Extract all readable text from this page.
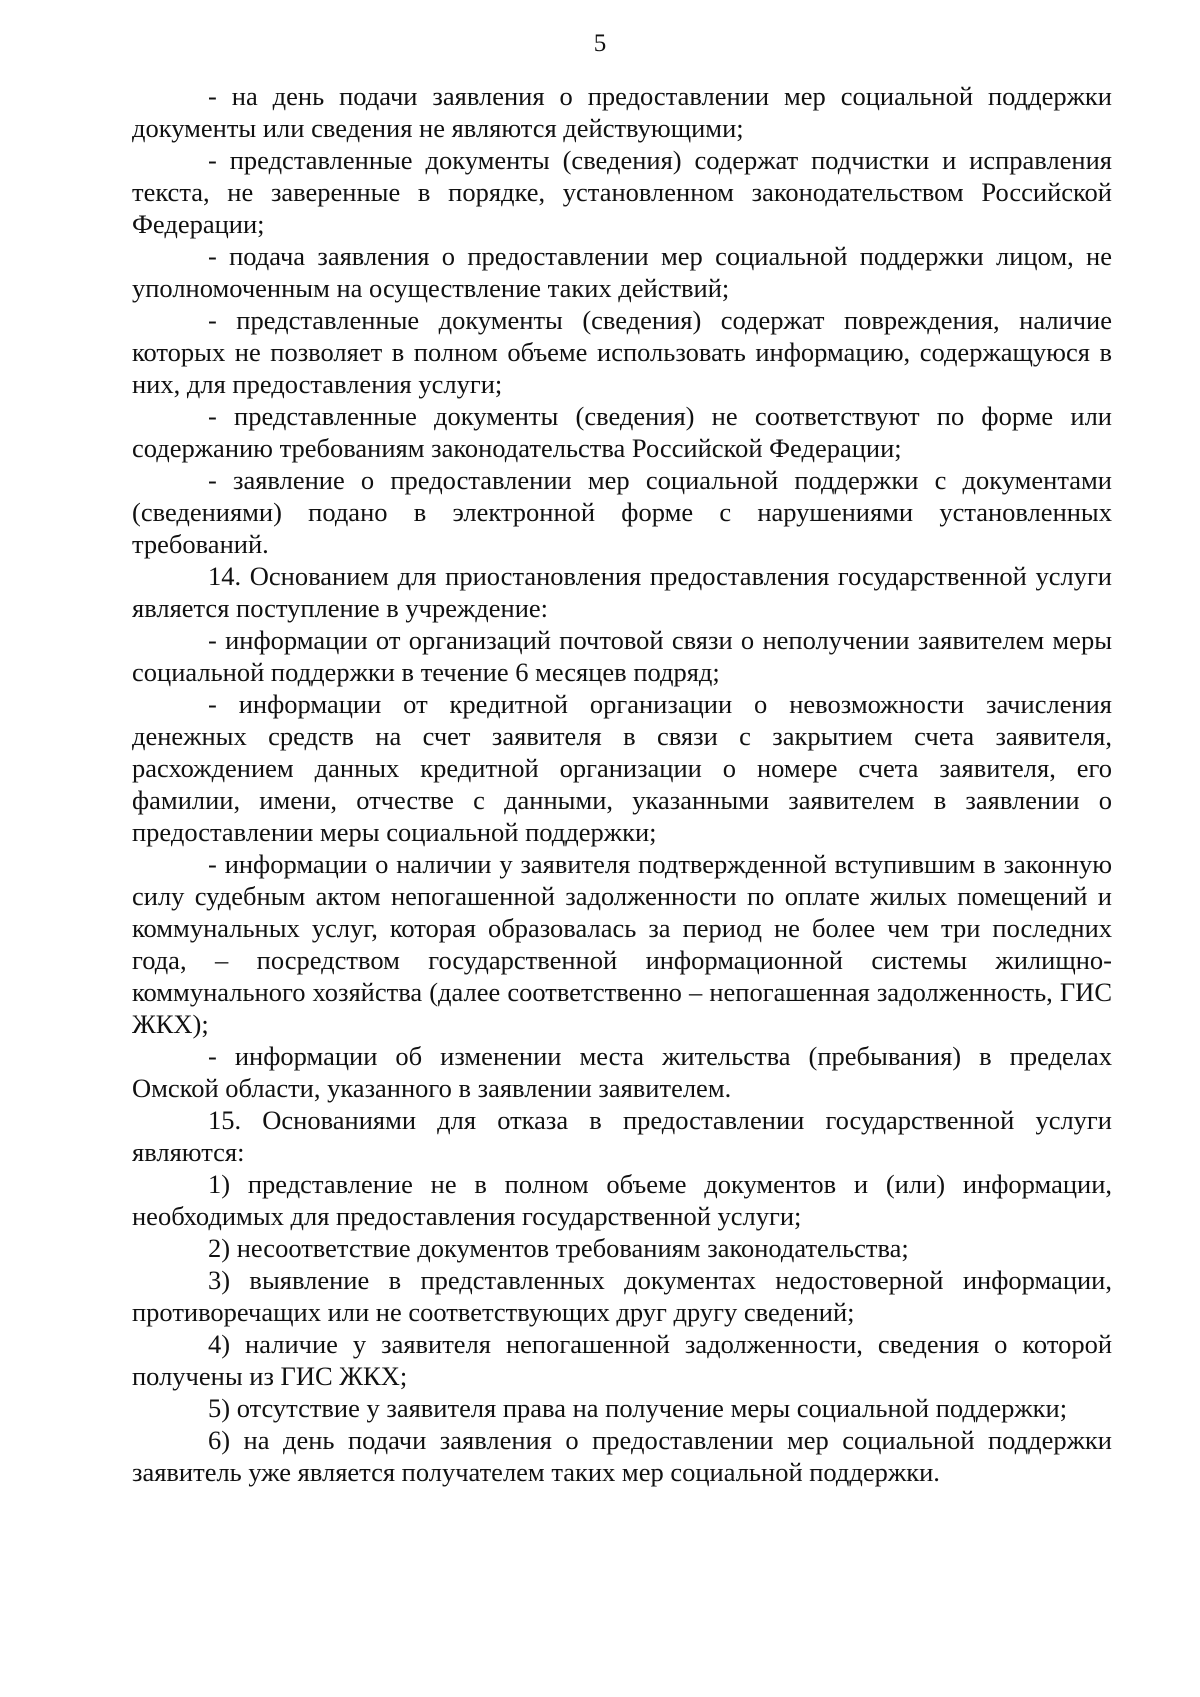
5

- на день подачи заявления о предоставлении мер социальной поддержки документы или сведения не являются действующими;

- представленные документы (сведения) содержат подчистки и исправления текста, не заверенные в порядке, установленном законодательством Российской Федерации;

- подача заявления о предоставлении мер социальной поддержки лицом, не уполномоченным на осуществление таких действий;

- представленные документы (сведения) содержат повреждения, наличие которых не позволяет в полном объеме использовать информацию, содержащуюся в них, для предоставления услуги;

- представленные документы (сведения) не соответствуют по форме или содержанию требованиям законодательства Российской Федерации;

- заявление о предоставлении мер социальной поддержки с документами (сведениями) подано в электронной форме с нарушениями установленных требований.

14. Основанием для приостановления предоставления государственной услуги является поступление в учреждение:

- информации от организаций почтовой связи о неполучении заявителем меры социальной поддержки в течение 6 месяцев подряд;

- информации от кредитной организации о невозможности зачисления денежных средств на счет заявителя в связи с закрытием счета заявителя, расхождением данных кредитной организации о номере счета заявителя, его фамилии, имени, отчестве с данными, указанными заявителем в заявлении о предоставлении меры социальной поддержки;

- информации о наличии у заявителя подтвержденной вступившим в законную силу судебным актом непогашенной задолженности по оплате жилых помещений и коммунальных услуг, которая образовалась за период не более чем три последних года, – посредством государственной информационной системы жилищно-коммунального хозяйства (далее соответственно – непогашенная задолженность, ГИС ЖКХ);

- информации об изменении места жительства (пребывания) в пределах Омской области, указанного в заявлении заявителем.

15. Основаниями для отказа в предоставлении государственной услуги являются:

1) представление не в полном объеме документов и (или) информации, необходимых для предоставления государственной услуги;

2) несоответствие документов требованиям законодательства;

3) выявление в представленных документах недостоверной информации, противоречащих или не соответствующих друг другу сведений;

4) наличие у заявителя непогашенной задолженности, сведения о которой получены из ГИС ЖКХ;

5) отсутствие у заявителя права на получение меры социальной поддержки;

6) на день подачи заявления о предоставлении мер социальной поддержки заявитель уже является получателем таких мер социальной поддержки.
